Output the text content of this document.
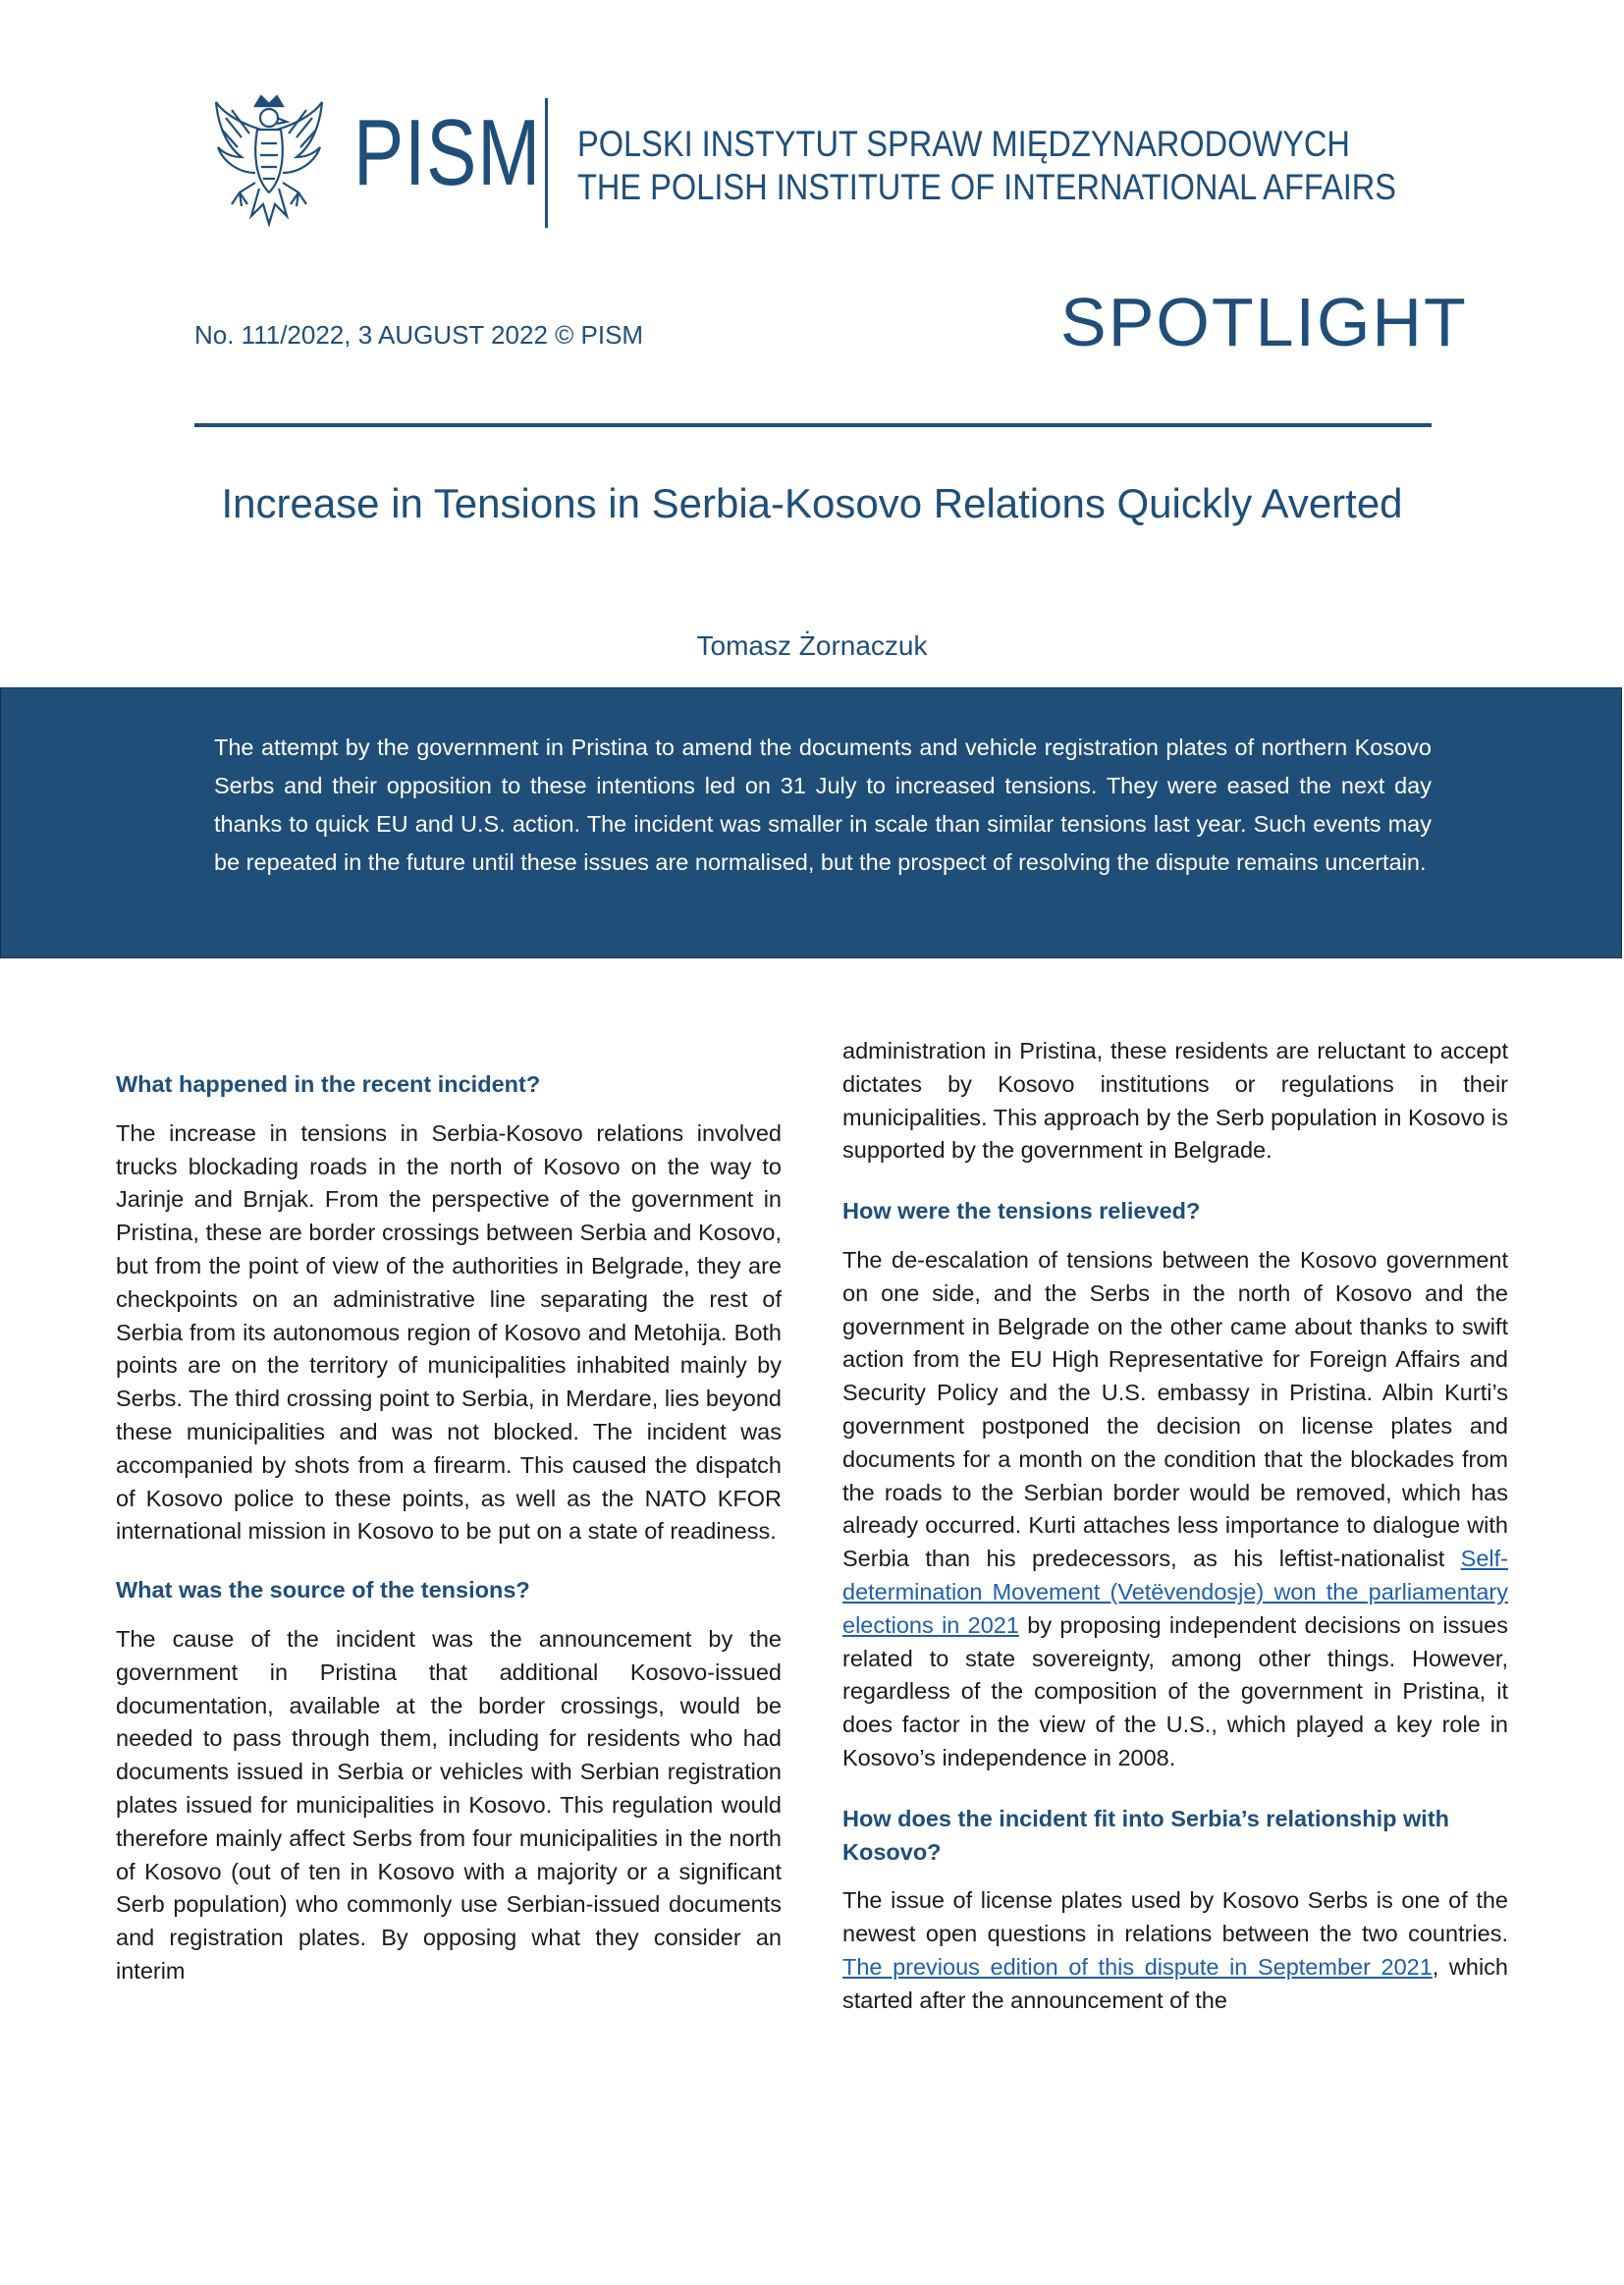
PISM POLSKI INSTYTUT SPRAW MIĘDZYNARODOWYCH
THE POLISH INSTITUTE OF INTERNATIONAL AFFAIRS
No. 111/2022, 3 AUGUST 2022 © PISM	SPOTLIGHT
Increase in Tensions in Serbia-Kosovo Relations Quickly Averted
Tomasz Żornaczuk
The attempt by the government in Pristina to amend the documents and vehicle registration plates of northern Kosovo Serbs and their opposition to these intentions led on 31 July to increased tensions. They were eased the next day thanks to quick EU and U.S. action. The incident was smaller in scale than similar tensions last year. Such events may be repeated in the future until these issues are normalised, but the prospect of resolving the dispute remains uncertain.
What happened in the recent incident?

The increase in tensions in Serbia-Kosovo relations involved trucks blockading roads in the north of Kosovo on the way to Jarinje and Brnjak. From the perspective of the government in Pristina, these are border crossings between Serbia and Kosovo, but from the point of view of the authorities in Belgrade, they are checkpoints on an administrative line separating the rest of Serbia from its autonomous region of Kosovo and Metohija. Both points are on the territory of municipalities inhabited mainly by Serbs. The third crossing point to Serbia, in Merdare, lies beyond these municipalities and was not blocked. The incident was accompanied by shots from a firearm. This caused the dispatch of Kosovo police to these points, as well as the NATO KFOR international mission in Kosovo to be put on a state of readiness.

What was the source of the tensions?

The cause of the incident was the announcement by the government in Pristina that additional Kosovo-issued documentation, available at the border crossings, would be needed to pass through them, including for residents who had documents issued in Serbia or vehicles with Serbian registration plates issued for municipalities in Kosovo. This regulation would therefore mainly affect Serbs from four municipalities in the north of Kosovo (out of ten in Kosovo with a majority or a significant Serb population) who commonly use Serbian-issued documents and registration plates. By opposing what they consider an interim

administration in Pristina, these residents are reluctant to accept dictates by Kosovo institutions or regulations in their municipalities. This approach by the Serb population in Kosovo is supported by the government in Belgrade.

How were the tensions relieved?

The de-escalation of tensions between the Kosovo government on one side, and the Serbs in the north of Kosovo and the government in Belgrade on the other came about thanks to swift action from the EU High Representative for Foreign Affairs and Security Policy and the U.S. embassy in Pristina. Albin Kurti’s government postponed the decision on license plates and documents for a month on the condition that the blockades from the roads to the Serbian border would be removed, which has already occurred. Kurti attaches less importance to dialogue with Serbia than his predecessors, as his leftist-nationalist Self-determination Movement (Vetëvendosje) won the parliamentary elections in 2021 by proposing independent decisions on issues related to state sovereignty, among other things. However, regardless of the composition of the government in Pristina, it does factor in the view of the U.S., which played a key role in Kosovo’s independence in 2008.

How does the incident fit into Serbia’s relationship with Kosovo?

The issue of license plates used by Kosovo Serbs is one of the newest open questions in relations between the two countries. The previous edition of this dispute in September 2021, which started after the announcement of the
